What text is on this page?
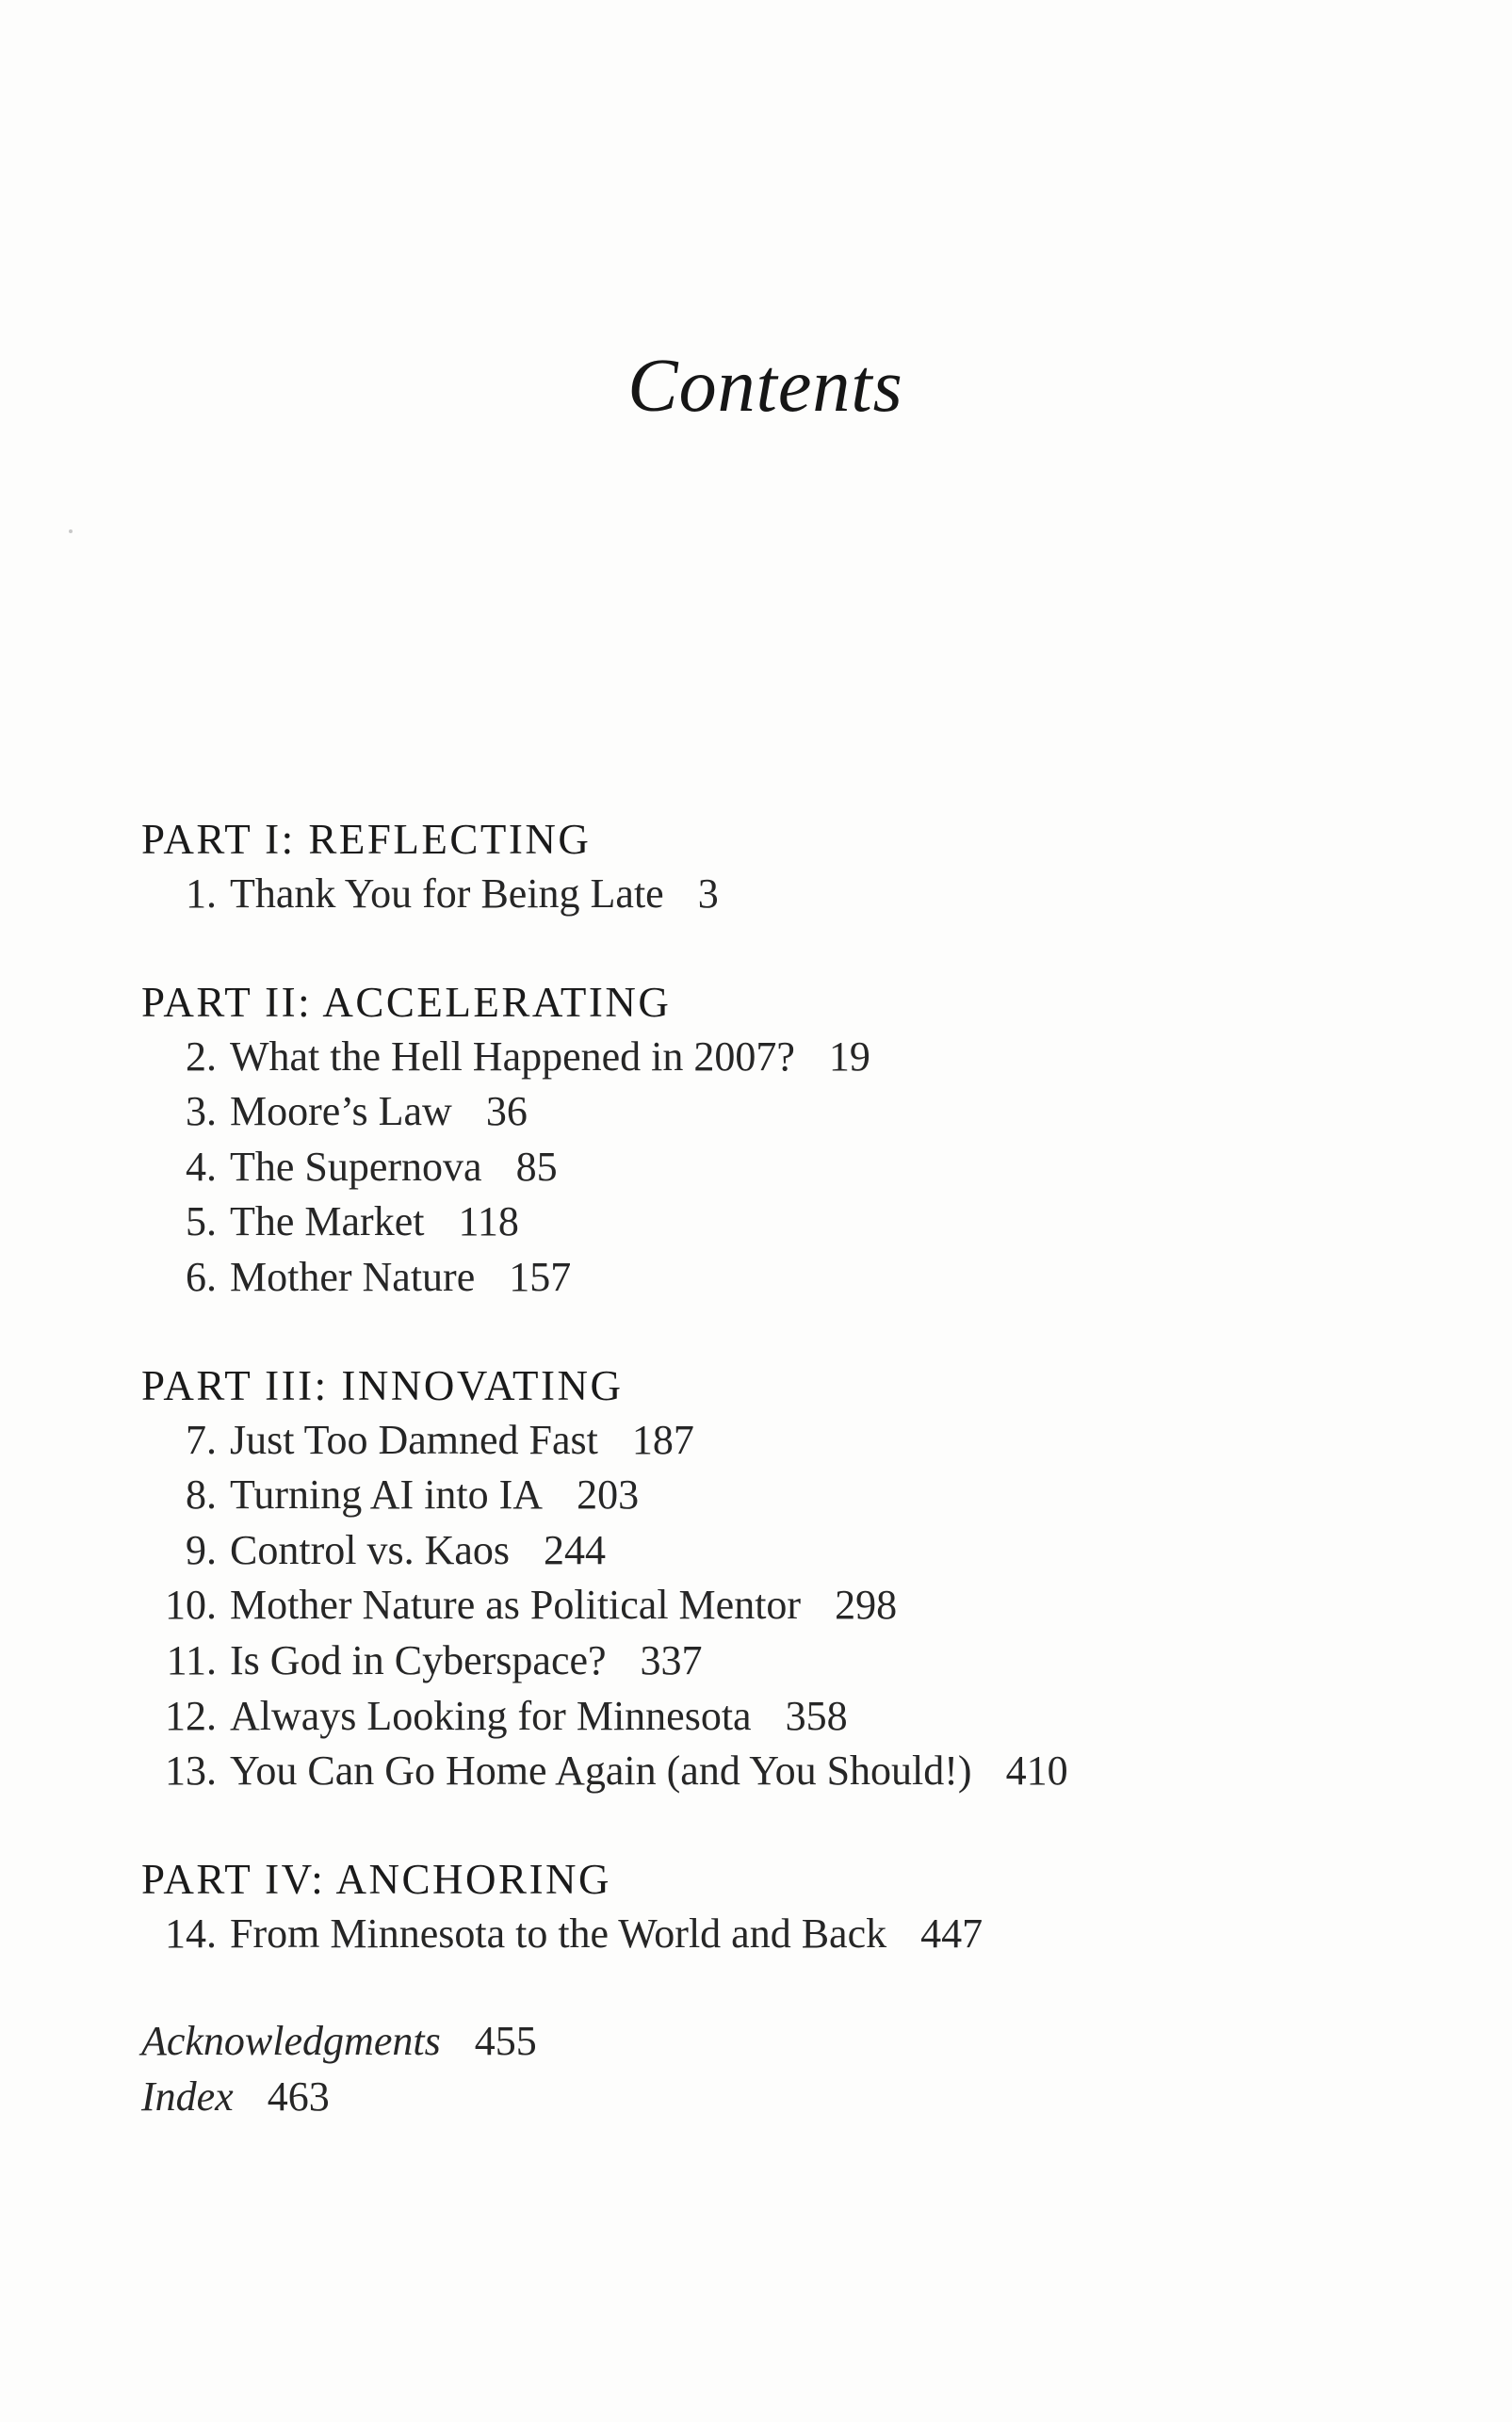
Contents
PART I: REFLECTING
1. Thank You for Being Late 3
PART II: ACCELERATING
2. What the Hell Happened in 2007? 19
3. Moore’s Law 36
4. The Supernova 85
5. The Market 118
6. Mother Nature 157
PART III: INNOVATING
7. Just Too Damned Fast 187
8. Turning AI into IA 203
9. Control vs. Kaos 244
10. Mother Nature as Political Mentor 298
11. Is God in Cyberspace? 337
12. Always Looking for Minnesota 358
13. You Can Go Home Again (and You Should!) 410
PART IV: ANCHORING
14. From Minnesota to the World and Back 447
Acknowledgments 455
Index 463
